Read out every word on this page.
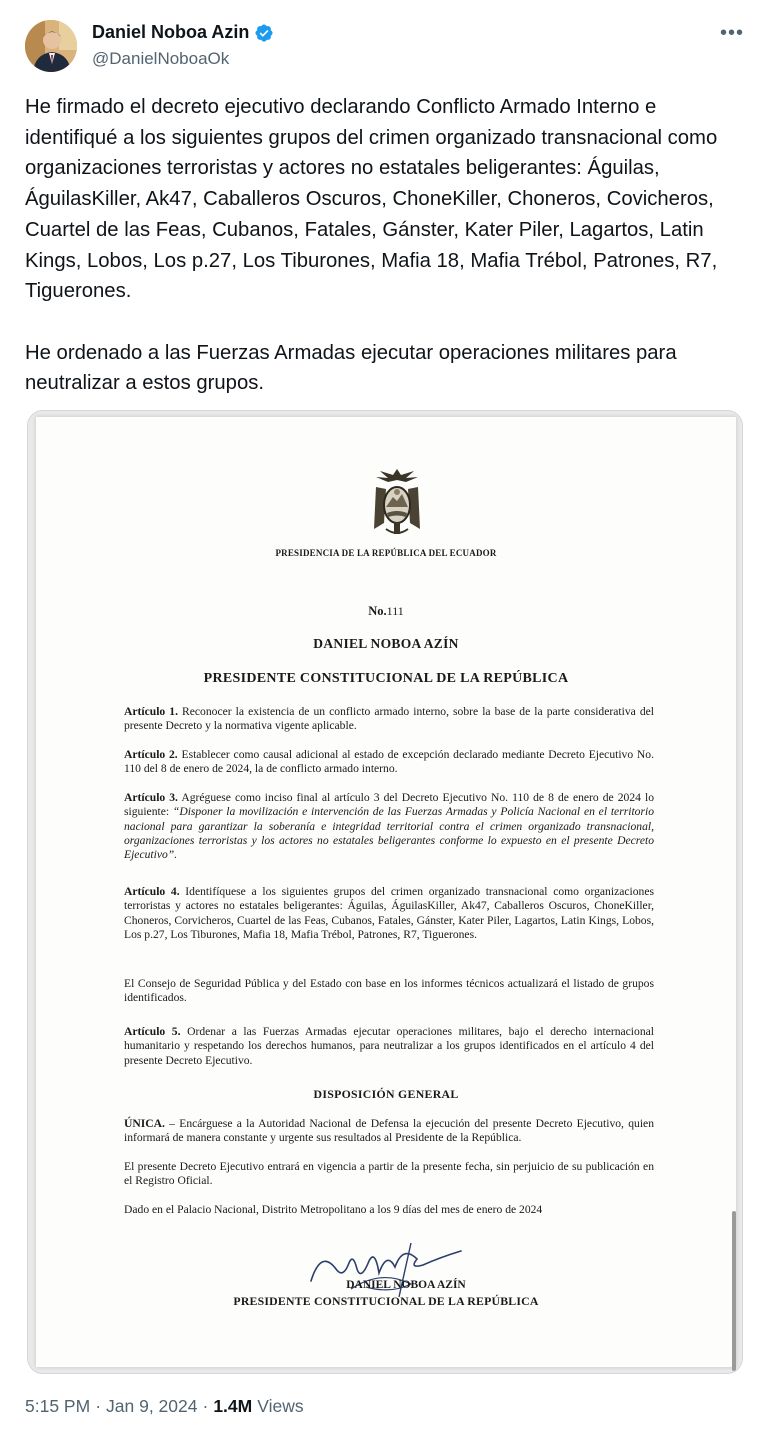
Daniel Noboa Azin
@DanielNoboaOk
•••

He firmado el decreto ejecutivo declarando Conflicto Armado Interno e identifiqué a los siguientes grupos del crimen organizado transnacional como organizaciones terroristas y actores no estatales beligerantes: Águilas, ÁguilasKiller, Ak47, Caballeros Oscuros, ChoneKiller, Choneros, Covicheros, Cuartel de las Feas, Cubanos, Fatales, Gánster, Kater Piler, Lagartos, Latin Kings, Lobos, Los p.27, Los Tiburones, Mafia 18, Mafia Trébol, Patrones, R7, Tiguerones.

He ordenado a las Fuerzas Armadas ejecutar operaciones militares para neutralizar a estos grupos.

PRESIDENCIA DE LA REPÚBLICA DEL ECUADOR
No.111
DANIEL NOBOA AZÍN
PRESIDENTE CONSTITUCIONAL DE LA REPÚBLICA
Artículo 1. Reconocer la existencia de un conflicto armado interno, sobre la base de la parte considerativa del presente Decreto y la normativa vigente aplicable.
Artículo 2. Establecer como causal adicional al estado de excepción declarado mediante Decreto Ejecutivo No. 110 del 8 de enero de 2024, la de conflicto armado interno.
Artículo 3. Agréguese como inciso final al artículo 3 del Decreto Ejecutivo No. 110 de 8 de enero de 2024 lo siguiente: “Disponer la movilización e intervención de las Fuerzas Armadas y Policía Nacional en el territorio nacional para garantizar la soberanía e integridad territorial contra el crimen organizado transnacional, organizaciones terroristas y los actores no estatales beligerantes conforme lo expuesto en el presente Decreto Ejecutivo”.
Artículo 4. Identifíquese a los siguientes grupos del crimen organizado transnacional como organizaciones terroristas y actores no estatales beligerantes: Águilas, ÁguilasKiller, Ak47, Caballeros Oscuros, ChoneKiller, Choneros, Corvicheros, Cuartel de las Feas, Cubanos, Fatales, Gánster, Kater Piler, Lagartos, Latin Kings, Lobos, Los p.27, Los Tiburones, Mafia 18, Mafia Trébol, Patrones, R7, Tiguerones.
El Consejo de Seguridad Pública y del Estado con base en los informes técnicos actualizará el listado de grupos identificados.
Artículo 5. Ordenar a las Fuerzas Armadas ejecutar operaciones militares, bajo el derecho internacional humanitario y respetando los derechos humanos, para neutralizar a los grupos identificados en el artículo 4 del presente Decreto Ejecutivo.
DISPOSICIÓN GENERAL
ÚNICA. – Encárguese a la Autoridad Nacional de Defensa la ejecución del presente Decreto Ejecutivo, quien informará de manera constante y urgente sus resultados al Presidente de la República.
El presente Decreto Ejecutivo entrará en vigencia a partir de la presente fecha, sin perjuicio de su publicación en el Registro Oficial.
Dado en el Palacio Nacional, Distrito Metropolitano a los 9 días del mes de enero de 2024
DANIEL NOBOA AZÍN
PRESIDENTE CONSTITUCIONAL DE LA REPÚBLICA
5:15 PM · Jan 9, 2024 · 1.4M Views
